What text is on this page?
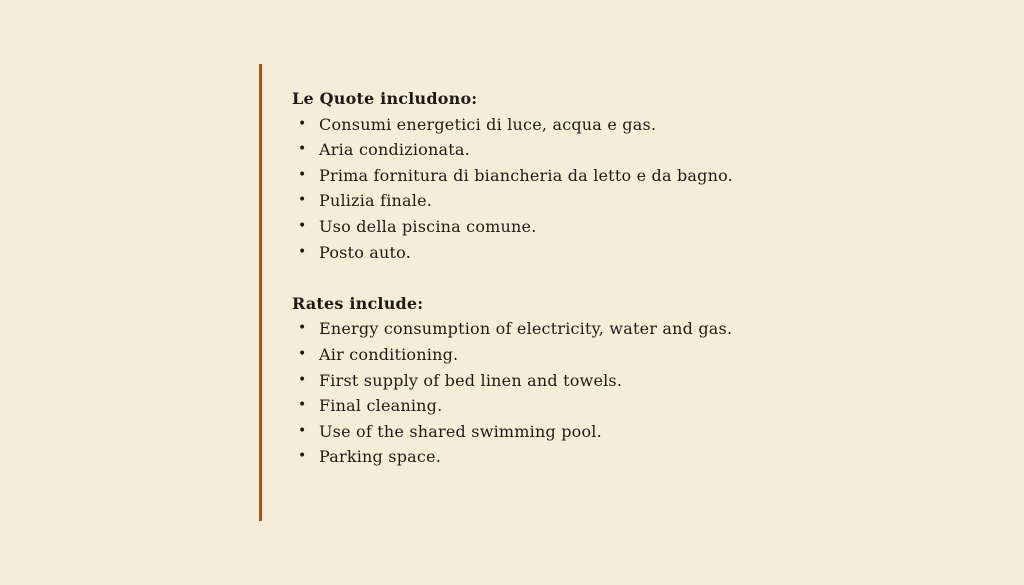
Le Quote includono:

• Consumi energetici di luce, acqua e gas.
• Aria condizionata.
• Prima fornitura di biancheria da letto e da bagno.
• Pulizia finale.
• Uso della piscina comune.
• Posto auto.

Rates include:

• Energy consumption of electricity, water and gas.
• Air conditioning.
• First supply of bed linen and towels.
• Final cleaning.
• Use of the shared swimming pool.
• Parking space.
